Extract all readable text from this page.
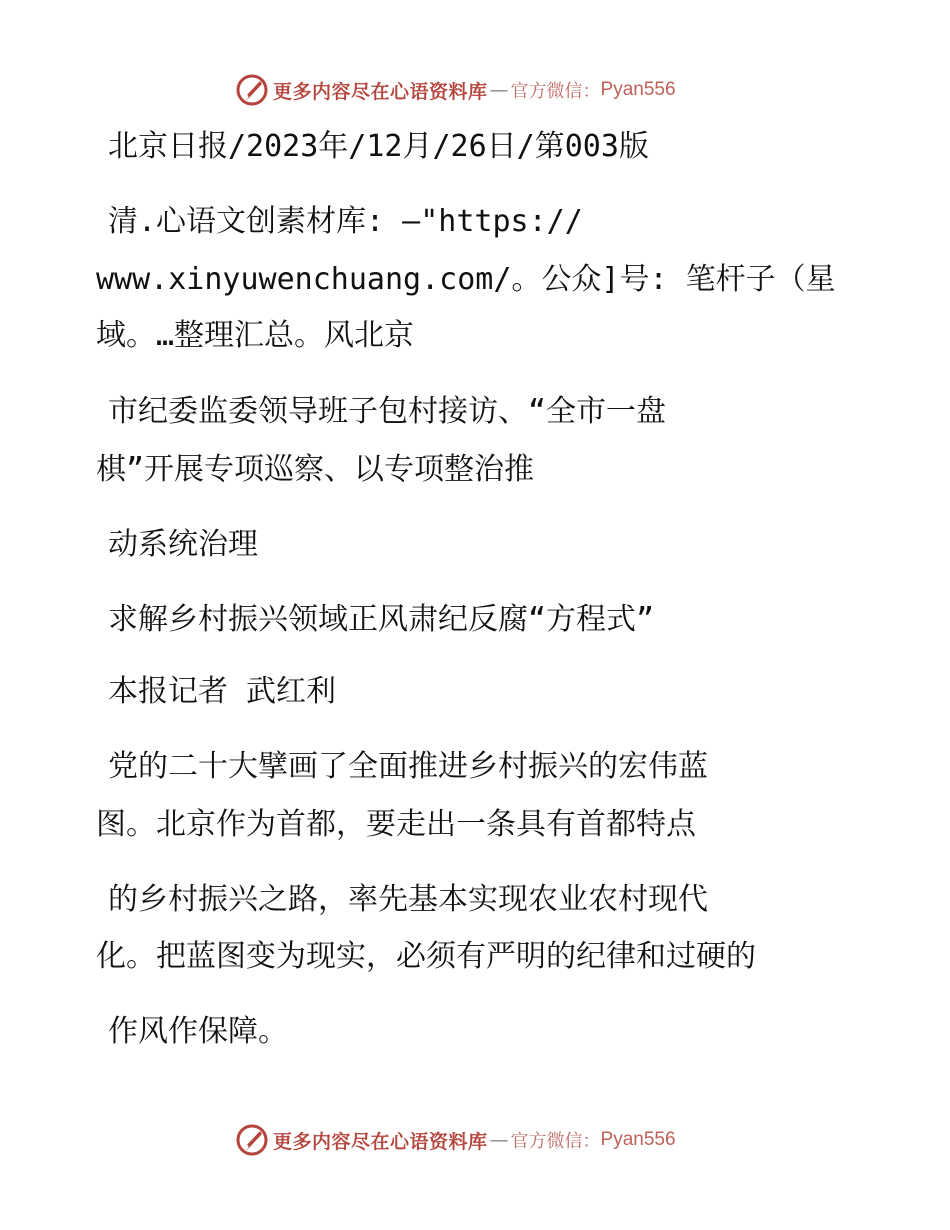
更多内容尽在心语资料库 — 官方微信： Pyan556
北京日报/2023年/12月/26日/第003版
清.心语文创素材库: —"https://
www.xinyuwenchuang.com/。公众]号: 笔杆子（星
域。…整理汇总。风北京
市纪委监委领导班子包村接访、“全市一盘
棋”开展专项巡察、以专项整治推
动系统治理
求解乡村振兴领域正风肃纪反腐“方程式”
本报记者 武红利
党的二十大擘画了全面推进乡村振兴的宏伟蓝
图。北京作为首都，要走出一条具有首都特点
的乡村振兴之路，率先基本实现农业农村现代
化。把蓝图变为现实，必须有严明的纪律和过硬的
作风作保障。
更多内容尽在心语资料库 — 官方微信： Pyan556
